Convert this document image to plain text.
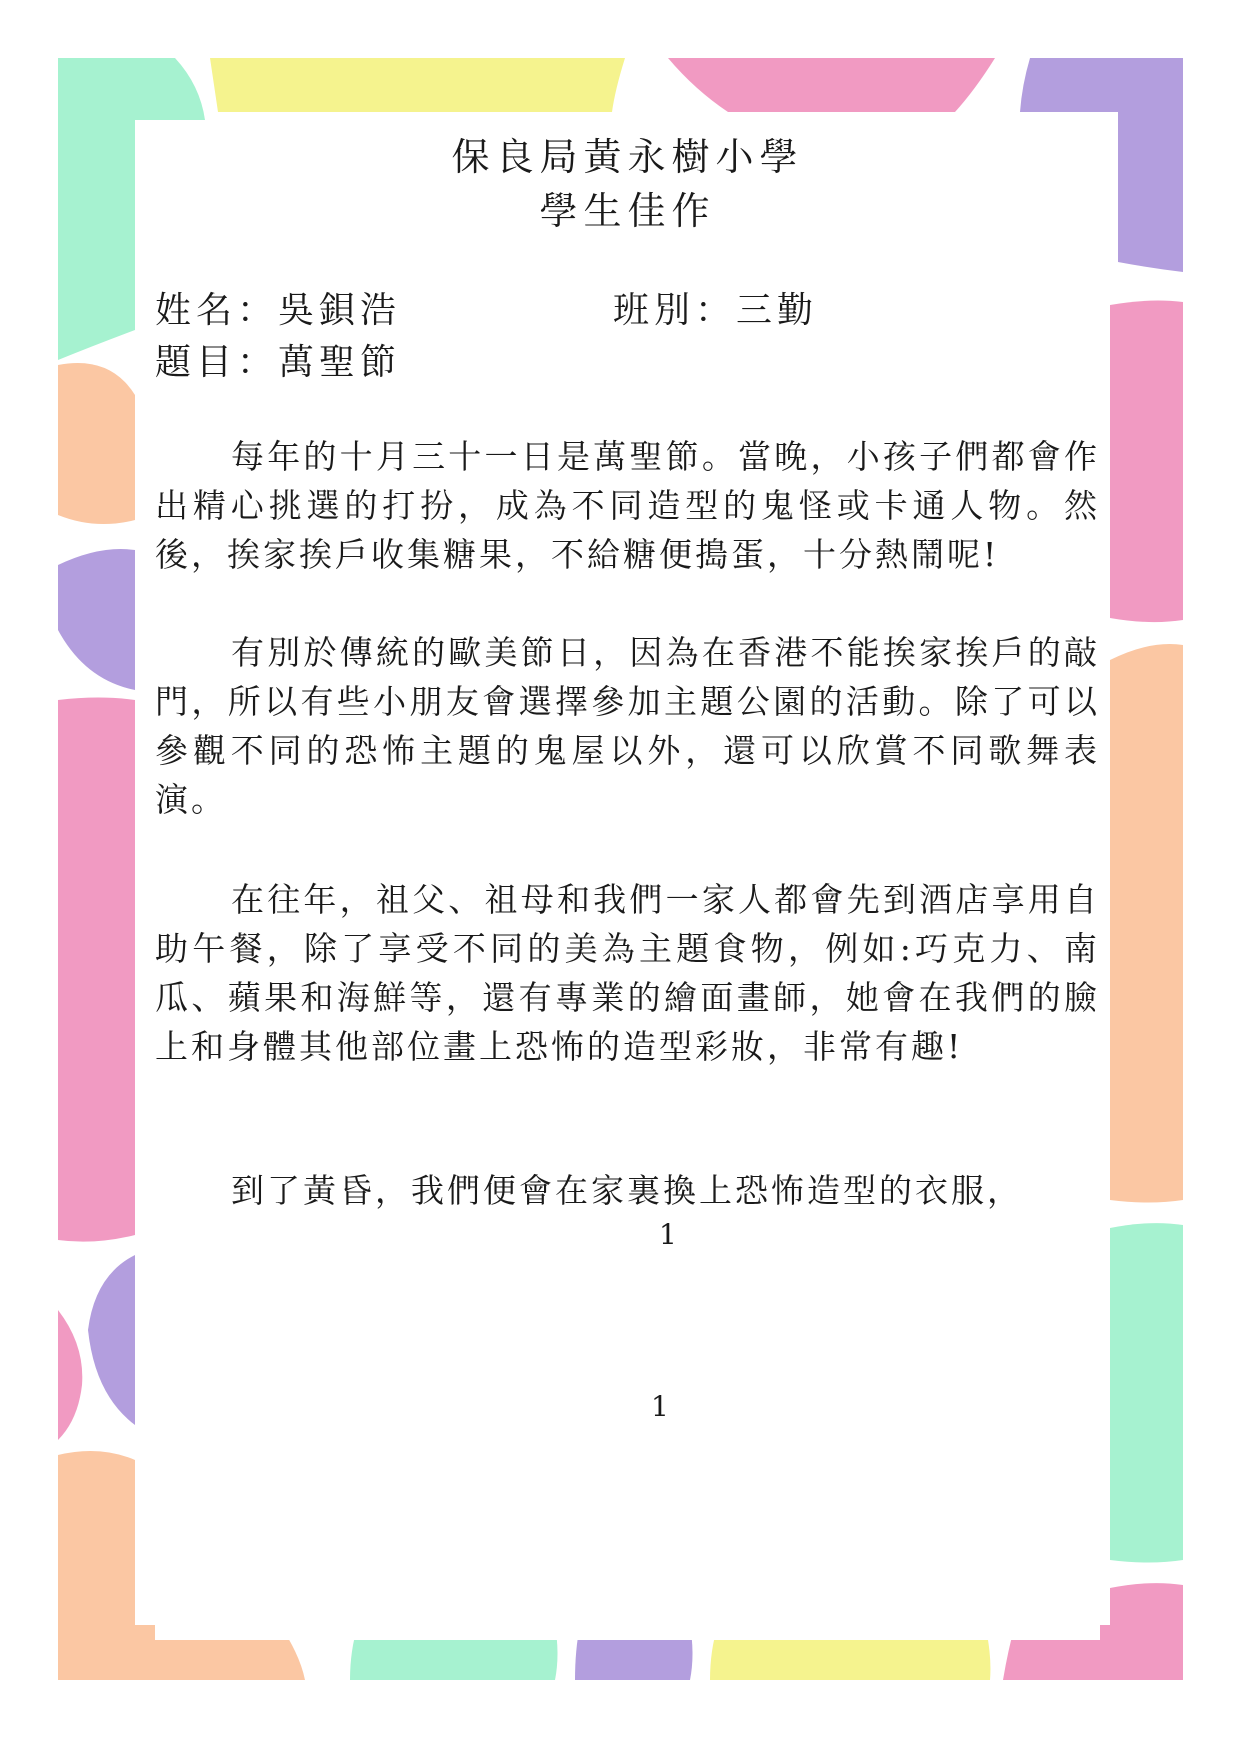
保良局黃永樹小學
學生佳作

姓名：吳鋇浩	班別：三勤

題目：萬聖節

每年的十月三十一日是萬聖節。當晚，小孩子們都會作出精心挑選的打扮，成為不同造型的鬼怪或卡通人物。然後，挨家挨戶收集糖果，不給糖便搗蛋，十分熱鬧呢!

有別於傳統的歐美節日，因為在香港不能挨家挨戶的敲門，所以有些小朋友會選擇參加主題公園的活動。除了可以參觀不同的恐怖主題的鬼屋以外，還可以欣賞不同歌舞表演。

在往年，祖父、祖母和我們一家人都會先到酒店享用自助午餐，除了享受不同的美為主題食物，例如:巧克力、南瓜、蘋果和海鮮等，還有專業的繪面畫師，她會在我們的臉上和身體其他部位畫上恐怖的造型彩妝，非常有趣!

到了黃昏，我們便會在家裏換上恐怖造型的衣服，

1
1
